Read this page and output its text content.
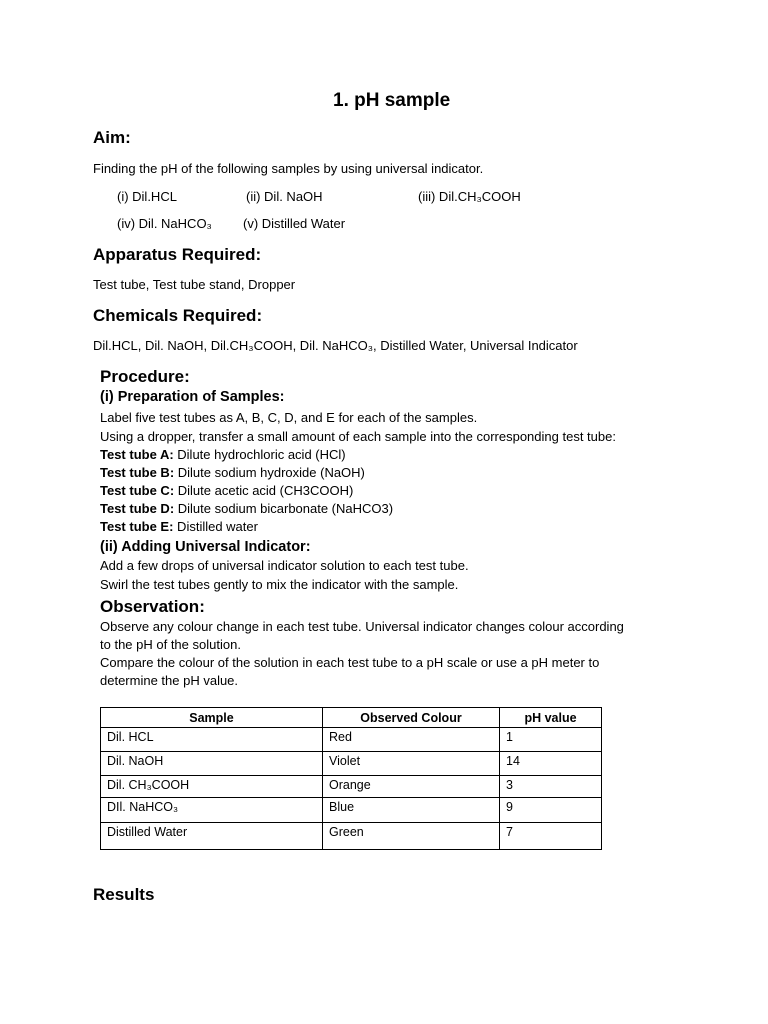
1. pH sample
Aim:
Finding the pH of the following samples by using universal indicator.
(i) Dil.HCL	(ii) Dil. NaOH	(iii) Dil.CH₃COOH
(iv) Dil. NaHCO₃ (v) Distilled Water
Apparatus Required:
Test tube, Test tube stand, Dropper
Chemicals Required:
Dil.HCL, Dil. NaOH, Dil.CH₃COOH, Dil. NaHCO₃, Distilled Water, Universal Indicator
Procedure:
(i) Preparation of Samples:
Label five test tubes as A, B, C, D, and E for each of the samples.
Using a dropper, transfer a small amount of each sample into the corresponding test tube:
Test tube A: Dilute hydrochloric acid (HCl)
Test tube B: Dilute sodium hydroxide (NaOH)
Test tube C: Dilute acetic acid (CH3COOH)
Test tube D: Dilute sodium bicarbonate (NaHCO3)
Test tube E: Distilled water
(ii) Adding Universal Indicator:
Add a few drops of universal indicator solution to each test tube.
Swirl the test tubes gently to mix the indicator with the sample.
Observation:
Observe any colour change in each test tube. Universal indicator changes colour according
to the pH of the solution.
Compare the colour of the solution in each test tube to a pH scale or use a pH meter to
determine the pH value.
Sample	Observed Colour	pH value
Dil. HCL	Red	1
Dil. NaOH	Violet	14
Dil. CH₃COOH	Orange	3
DIl. NaHCO₃	Blue	9
Distilled Water	Green	7
Results
